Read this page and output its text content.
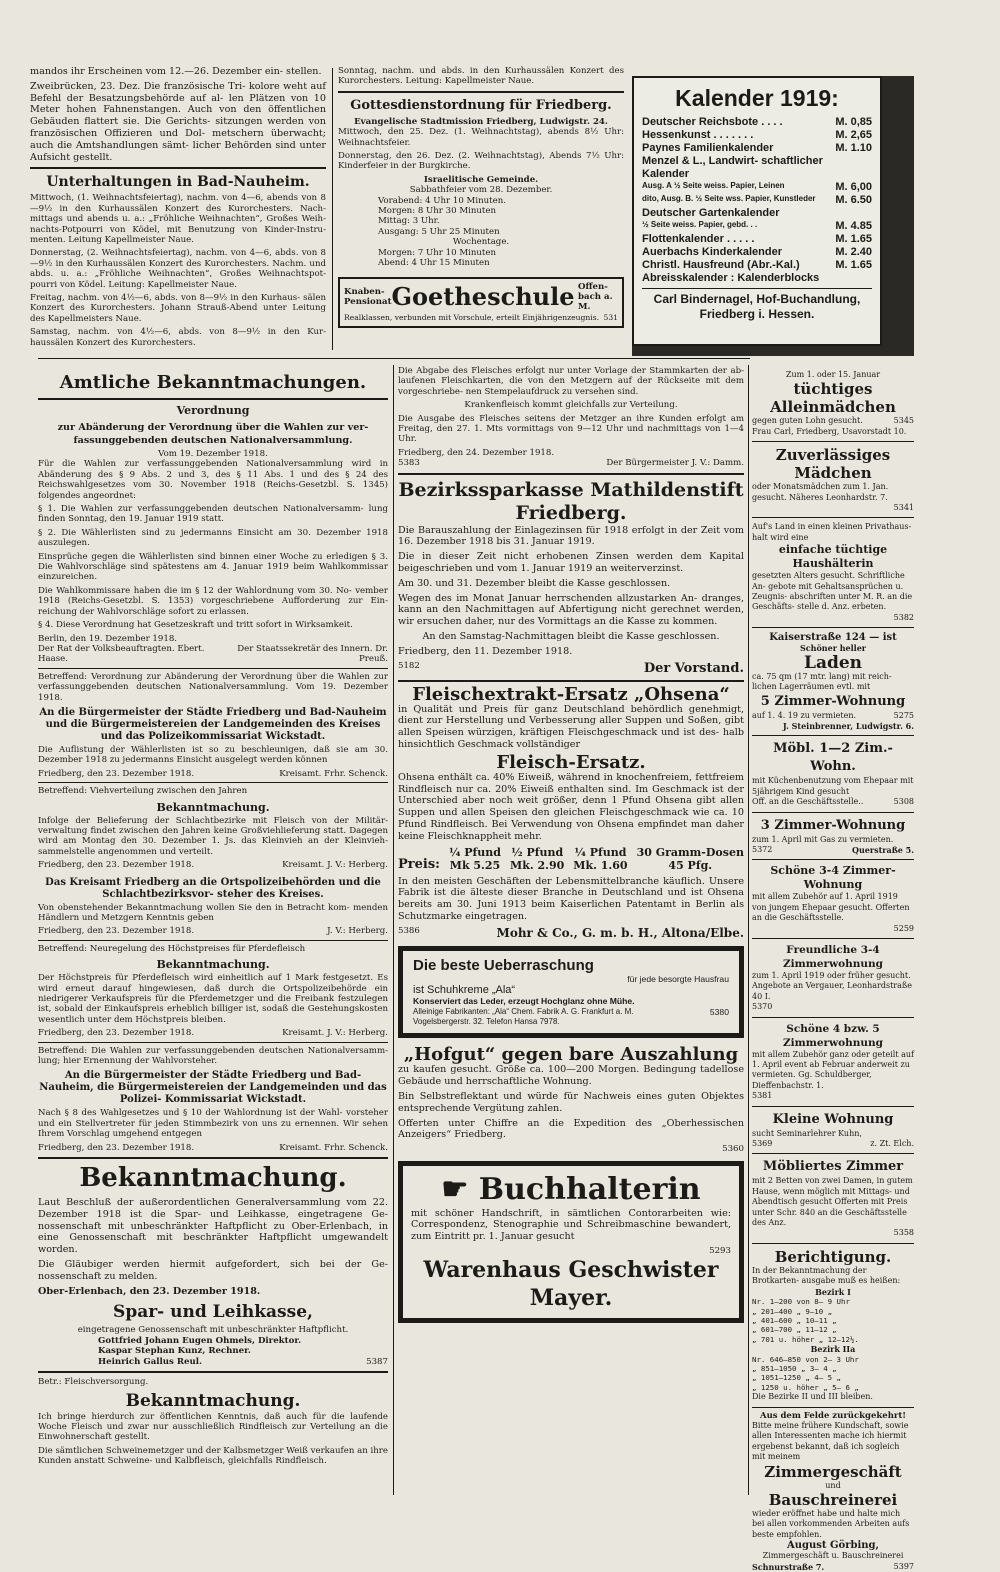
mandos ihr Erscheinen vom 12.—26. Dezember ein- stellen.

Zweibrücken, 23. Dez. Die französische Tri- kolore weht auf Befehl der Besatzungsbehörde auf al- len Plätzen von 10 Meter hohen Fahnenstangen. Auch von den öffentlichen Gebäuden flattert sie. Die Gerichts- sitzungen werden von französischen Offizieren und Dol- metschern überwacht; auch die Amtshandlungen sämt- licher Behörden sind unter Aufsicht gestellt.

Unterhaltungen in Bad-Nauheim.

Mittwoch, (1. Weihnachtsfeiertag), nachm. von 4—6, abends von 8—9½ in den Kurhaussälen Konzert des Kurorchesters. Nach- mittags und abends u. a.: „Fröhliche Weihnachten“, Großes Weih- nachts-Potpourri von Ködel, mit Benutzung von Kinder-Instru- menten. Leitung Kapellmeister Naue.

Donnerstag, (2. Weihnachtsfeiertag), nachm. von 4—6, abds. von 8—9½ in den Kurhaussälen Konzert des Kurorchesters. Nachm. und abds. u. a.: „Fröhliche Weihnachten“, Großes Weihnachtspot- pourri von Ködel. Leitung: Kapellmeister Naue.

Freitag, nachm. von 4½—6, abds. von 8—9½ in den Kurhaus- sälen Konzert des Kurorchesters. Johann Strauß-Abend unter Leitung des Kapellmeisters Naue.

Samstag, nachm. von 4½—6, abds. von 8—9½ in den Kur- haussälen Konzert des Kurorchesters.

Sonntag, nachm. und abds. in den Kurhaussälen Konzert des Kurorchesters. Leitung: Kapellmeister Naue.

Gottesdienstordnung für Friedberg.
Evangelische Stadtmission Friedberg, Ludwigstr. 24.

Mittwoch, den 25. Dez. (1. Weihnachtstag), abends 8½ Uhr: Weihnachtsfeier.

Donnerstag, den 26. Dez. (2. Weihnachtstag), Abends 7½ Uhr: Kinderfeier in der Burgkirche.

Israelitische Gemeinde.
Sabbathfeier vom 28. Dezember.
Vorabend: 4 Uhr 10 Minuten.
Morgen: 8 Uhr 30 Minuten
Mittag: 3 Uhr.
Ausgang: 5 Uhr 25 Minuten
Wochentage.
Morgen: 7 Uhr 10 Minuten
Abend: 4 Uhr 15 Minuten
Knaben- Pensionat Goetheschule Offen- bach a. M.
Realklassen, verbunden mit Vorschule, erteilt Einjährigenzeugnis. 531
Kalender 1919:
Deutscher Reichsbote . . . .	M. 0,85
Hessenkunst . . . . . . .	M. 2,65
Paynes Familienkalender	M. 1.10
Menzel & L., Landwirt- schaftlicher Kalender
Ausg. A ½ Seite weiss. Papier, Leinen	M. 6,00
dito, Ausg. B. ½ Seite wss. Papier, Kunstleder M. 6.50
Deutscher Gartenkalender
½ Seite weiss. Papier, gebd. . .	M. 4.85
Flottenkalender . . . . .	M. 1.65
Auerbachs Kinderkalender	M. 2.40
Christl. Hausfreund (Abr.-Kal.)	M. 1.65
Abreisskalender : Kalenderblocks
Carl Bindernagel, Hof-Buchandlung,
Friedberg i. Hessen.
Amtliche Bekanntmachungen.
Verordnung
zur Abänderung der Verordnung über die Wahlen zur ver- fassunggebenden deutschen Nationalversammlung.
Vom 19. Dezember 1918.

Für die Wahlen zur verfassunggebenden Nationalversammlung wird in Abänderung des § 9 Abs. 2 und 3, des § 11 Abs. 1 und des § 24 des Reichswahlgesetzes vom 30. November 1918 (Reichs-Gesetzbl. S. 1345) folgendes angeordnet:

§ 1. Die Wahlen zur verfassunggebenden deutschen Nationalversamm- lung finden Sonntag, den 19. Januar 1919 statt.

§ 2. Die Wählerlisten sind zu jedermanns Einsicht am 30. Dezember 1918 auszulegen.

Einsprüche gegen die Wählerlisten sind binnen einer Woche zu erledigen § 3. Die Wahlvorschläge sind spätestens am 4. Januar 1919 beim Wahlkommissar einzureichen.

Die Wahlkommissare haben die im § 12 der Wahlordnung vom 30. No- vember 1918 (Reichs-Gesetzbl. S. 1353) vorgeschriebene Aufforderung zur Ein- reichung der Wahlvorschläge sofort zu erlassen.

§ 4. Diese Verordnung hat Gesetzeskraft und tritt sofort in Wirksamkeit.

Berlin, den 19. Dezember 1918.
Der Rat der Volksbeauftragten. Ebert. Haase.
Der Staatssekretär des Innern. Dr. Preuß.

Betreffend: Verordnung zur Abänderung der Verordnung über die Wahlen zur verfassunggebenden deutschen Nationalversammlung. Vom 19. Dezember 1918.

An die Bürgermeister der Städte Friedberg und Bad-Nauheim und die Bürgermeistereien der Landgemeinden des Kreises und das Polizeikommissariat Wickstadt.

Die Auflistung der Wählerlisten ist so zu beschleunigen, daß sie am 30. Dezember 1918 zu jedermanns Einsicht ausgelegt werden können

Friedberg, den 23. Dezember 1918.	Kreisamt. Frhr. Schenck.

Betreffend: Viehverteilung zwischen den Jahren

Bekanntmachung.

Infolge der Belieferung der Schlachtbezirke mit Fleisch von der Militär- verwaltung findet zwischen den Jahren keine Großviehlieferung statt. Dagegen wird am Montag den 30. Dezember 1. Js. das Kleinvieh an der Kleinvieh- sammelstelle angenommen und verteilt.

Friedberg, den 23. Dezember 1918.	Kreisamt. J. V.: Herberg.
Das Kreisamt Friedberg an die Ortspolizeibehörden und die Schlachtbezirksvor- steher des Kreises.

Von obenstehender Bekanntmachung wollen Sie den in Betracht kom- menden Händlern und Metzgern Kenntnis geben

Friedberg, den 23. Dezember 1918.	J. V.: Herberg.

Betreffend: Neuregelung des Höchstpreises für Pferdefleisch

Bekanntmachung.

Der Höchstpreis für Pferdefleisch wird einheitlich auf 1 Mark festgesetzt. Es wird erneut darauf hingewiesen, daß durch die Ortspolizeibehörde ein niedrigerer Verkaufspreis für die Pferdemetzger und die Freibank festzulegen ist, sobald der Einkaufspreis erheblich billiger ist, sodaß die Gestehungskosten wesentlich unter dem Höchstpreis bleiben.

Friedberg, den 23. Dezember 1918.	Kreisamt. J. V.: Herberg.

Betreffend: Die Wahlen zur verfassunggebenden deutschen Nationalversamm- lung; hier Ernennung der Wahlvorsteher.

An die Bürgermeister der Städte Friedberg und Bad-Nauheim, die Bürgermeistereien der Landgemeinden und das Polizei- Kommissariat Wickstadt.

Nach § 8 des Wahlgesetzes und § 10 der Wahlordnung ist der Wahl- vorsteher und ein Stellvertreter für jeden Stimmbezirk von uns zu ernennen. Wir sehen Ihrem Vorschlag umgehend entgegen

Friedberg, den 23. Dezember 1918.	Kreisamt. Frhr. Schenck.
Bekanntmachung.

Laut Beschluß der außerordentlichen Generalversammlung vom 22. Dezember 1918 ist die Spar- und Leihkasse, eingetragene Ge- nossenschaft mit unbeschränkter Haftpflicht zu Ober-Erlenbach, in eine Genossenschaft mit beschränkter Haftpflicht umgewandelt worden.

Die Gläubiger werden hiermit aufgefordert, sich bei der Ge- nossenschaft zu melden.

Ober-Erlenbach, den 23. Dezember 1918.
Spar- und Leihkasse,
eingetragene Genossenschaft mit unbeschränkter Haftpflicht.
Gottfried Johann Eugen Ohmels, Direktor.
Kaspar Stephan Kunz, Rechner.
Heinrich Gallus Reul.	5387
Betr.: Fleischversorgung.
Bekanntmachung.

Ich bringe hierdurch zur öffentlichen Kenntnis, daß auch für die laufende Woche Fleisch und zwar nur ausschließlich Rindfleisch zur Verteilung an die Einwohnerschaft gestellt.

Die sämtlichen Schweinemetzger und der Kalbsmetzger Weiß verkaufen an ihre Kunden anstatt Schweine- und Kalbfleisch, gleichfalls Rindfleisch.

Die Abgabe des Fleisches erfolgt nur unter Vorlage der Stammkarten der ab- laufenen Fleischkarten, die von den Metzgern auf der Rückseite mit dem vorgeschriebe- nen Stempelaufdruck zu versehen sind.

Krankenfleisch kommt gleichfalls zur Verteilung.

Die Ausgabe des Fleisches seitens der Metzger an ihre Kunden erfolgt am Freitag, den 27. 1. Mts vormittags von 9—12 Uhr und nachmittags von 1—4 Uhr.

Friedberg, den 24. Dezember 1918.
5383	Der Bürgermeister J. V.: Damm.
Bezirkssparkasse Mathildenstift
Friedberg.

Die Barauszahlung der Einlagezinsen für 1918 erfolgt in der Zeit vom 16. Dezember 1918 bis 31. Januar 1919.

Die in dieser Zeit nicht erhobenen Zinsen werden dem Kapital beigeschrieben und vom 1. Januar 1919 an weiterverzinst.

Am 30. und 31. Dezember bleibt die Kasse geschlossen.

Wegen des im Monat Januar herrschenden allzustarken An- dranges, kann an den Nachmittagen auf Abfertigung nicht gerechnet werden, wir ersuchen daher, nur des Vormittags an die Kasse zu kommen.

An den Samstag-Nachmittagen bleibt die Kasse geschlossen.

Friedberg, den 11. Dezember 1918.
5182	Der Vorstand.
Fleischextrakt-Ersatz „Ohsena“

in Qualität und Preis für ganz Deutschland behördlich genehmigt, dient zur Herstellung und Verbesserung aller Suppen und Soßen, gibt allen Speisen würzigen, kräftigen Fleischgeschmack und ist des- halb hinsichtlich Geschmack vollständiger

Fleisch-Ersatz.

Ohsena enthält ca. 40% Eiweiß, während in knochenfreiem, fettfreiem Rindfleisch nur ca. 20% Eiweiß enthalten sind. Im Geschmack ist der Unterschied aber noch weit größer, denn 1 Pfund Ohsena gibt allen Suppen und allen Speisen den gleichen Fleischgeschmack wie ca. 10 Pfund Rindfleisch. Bei Verwendung von Ohsena empfindet man daher keine Fleischknappheit mehr.

Preis:
¼ Pfund
Mk 5.25
½ Pfund
Mk. 2.90
¼ Pfund
Mk. 1.60
30 Gramm-Dosen
45 Pfg.

In den meisten Geschäften der Lebensmittelbranche käuflich. Unsere Fabrik ist die älteste dieser Branche in Deutschland und ist Ohsena bereits am 30. Juni 1913 beim Kaiserlichen Patentamt in Berlin als Schutzmarke eingetragen.

5386	Mohr & Co., G. m. b. H., Altona/Elbe.
Die beste Ueberraschung
für jede besorgte Hausfrau
ist Schuhkreme „Ala“
Konserviert das Leder, erzeugt Hochglanz ohne Mühe.
Alleinige Fabrikanten: „Ala“ Chem. Fabrik A. G. Frankfurt a. M. Vogelsbergerstr. 32. Telefon Hansa 7978.
5380
„Hofgut“ gegen bare Auszahlung

zu kaufen gesucht. Größe ca. 100—200 Morgen. Bedingung tadellose Gebäude und herrschaftliche Wohnung.

Bin Selbstreflektant und würde für Nachweis eines guten Objektes entsprechende Vergütung zahlen.

Offerten unter Chiffre an die Expedition des „Oberhessischen Anzeigers“ Friedberg.

5360
☛ Buchhalterin

mit schöner Handschrift, in sämtlichen Contorarbeiten wie: Correspondenz, Stenographie und Schreibmaschine bewandert, zum Eintritt pr. 1. Januar gesucht

5293
Warenhaus Geschwister Mayer.
Zum 1. oder 15. Januar
tüchtiges Alleinmädchen
gegen guten Lohn gesucht.	5345
Frau Carl, Friedberg, Usavorstadt 10.
Zuverlässiges Mädchen
oder Monatsmädchen zum 1. Jan. gesucht. Näheres Leonhardstr. 7.
5341
Auf's Land in einen kleinen Privathaus- halt wird eine
einfache tüchtige Haushälterin
gesetzten Alters gesucht. Schriftliche An- gebote mit Gehaltsansprüchen u. Zeugnis- abschriften unter M. R. an die Geschäfts- stelle d. Anz. erbeten.
5382
Kaiserstraße 124 — ist
Schöner heller
Laden
ca. 75 qm (17 mtr. lang) mit reich- lichen Lagerräumen evtl. mit
5 Zimmer-Wohnung
auf 1. 4. 19 zu vermieten.	5275
J. Steinbrenner, Ludwigstr. 6.
Möbl. 1—2 Zim.-Wohn.
mit Küchenbenutzung vom Ehepaar mit 5jährigem Kind gesucht
Off. an die Geschäftsstelle..	5308
3 Zimmer-Wohnung
zum 1. April mit Gas zu vermieten.
5372	Querstraße 5.
Schöne 3-4 Zimmer-Wohnung
mit allem Zubehör auf 1. April 1919 von jungem Ehepaar gesucht. Offerten an die Geschäftsstelle.
5259
Freundliche 3-4 Zimmerwohnung
zum 1. April 1919 oder früher gesucht. Angebote an Vergauer, Leonhardstraße 40 I.
5370
Schöne 4 bzw. 5 Zimmerwohnung
mit allem Zubehör ganz oder geteilt auf 1. April event ab Februar anderweit zu vermieten. Gg. Schuldberger, Dieffenbachstr. 1.
5381
Kleine Wohnung
sucht Seminarlehrer Kuhn,
5369	z. Zt. Elch.
Möbliertes Zimmer
mit 2 Betten von zwei Damen, in gutem Hause, wenn möglich mit Mittags- und Abendtisch gesucht Offerten mit Preis unter Schr. 840 an die Geschäftsstelle des Anz.
5358
Berichtigung.
In der Bekanntmachung der Brotkarten- ausgabe muß es heißen:
Bezirk I
Nr. 1—200 von 8— 9 Uhr
„ 201—400 „ 9—10 „
„ 401—600 „ 10—11 „
„ 601—700 „ 11—12 „
„ 701 u. höher „ 12—12½.
Bezirk IIa
Nr. 646—850 von 2— 3 Uhr
„ 851—1050 „ 3— 4 „
„ 1051—1250 „ 4— 5 „
„ 1250 u. höher „ 5— 6 „
Die Bezirke II und III bleiben.
Aus dem Felde zurückgekehrt!
Bitte meine frühere Kundschaft, sowie allen Interessenten mache ich hiermit ergebenst bekannt, daß ich sogleich mit meinem
Zimmergeschäft
und
Bauschreinerei
wieder eröffnet habe und halte mich bei allen vorkommenden Arbeiten aufs beste empfohlen.
August Görbing,
Zimmergeschäft u. Bauschreinerei
Schnurstraße 7.	5397
